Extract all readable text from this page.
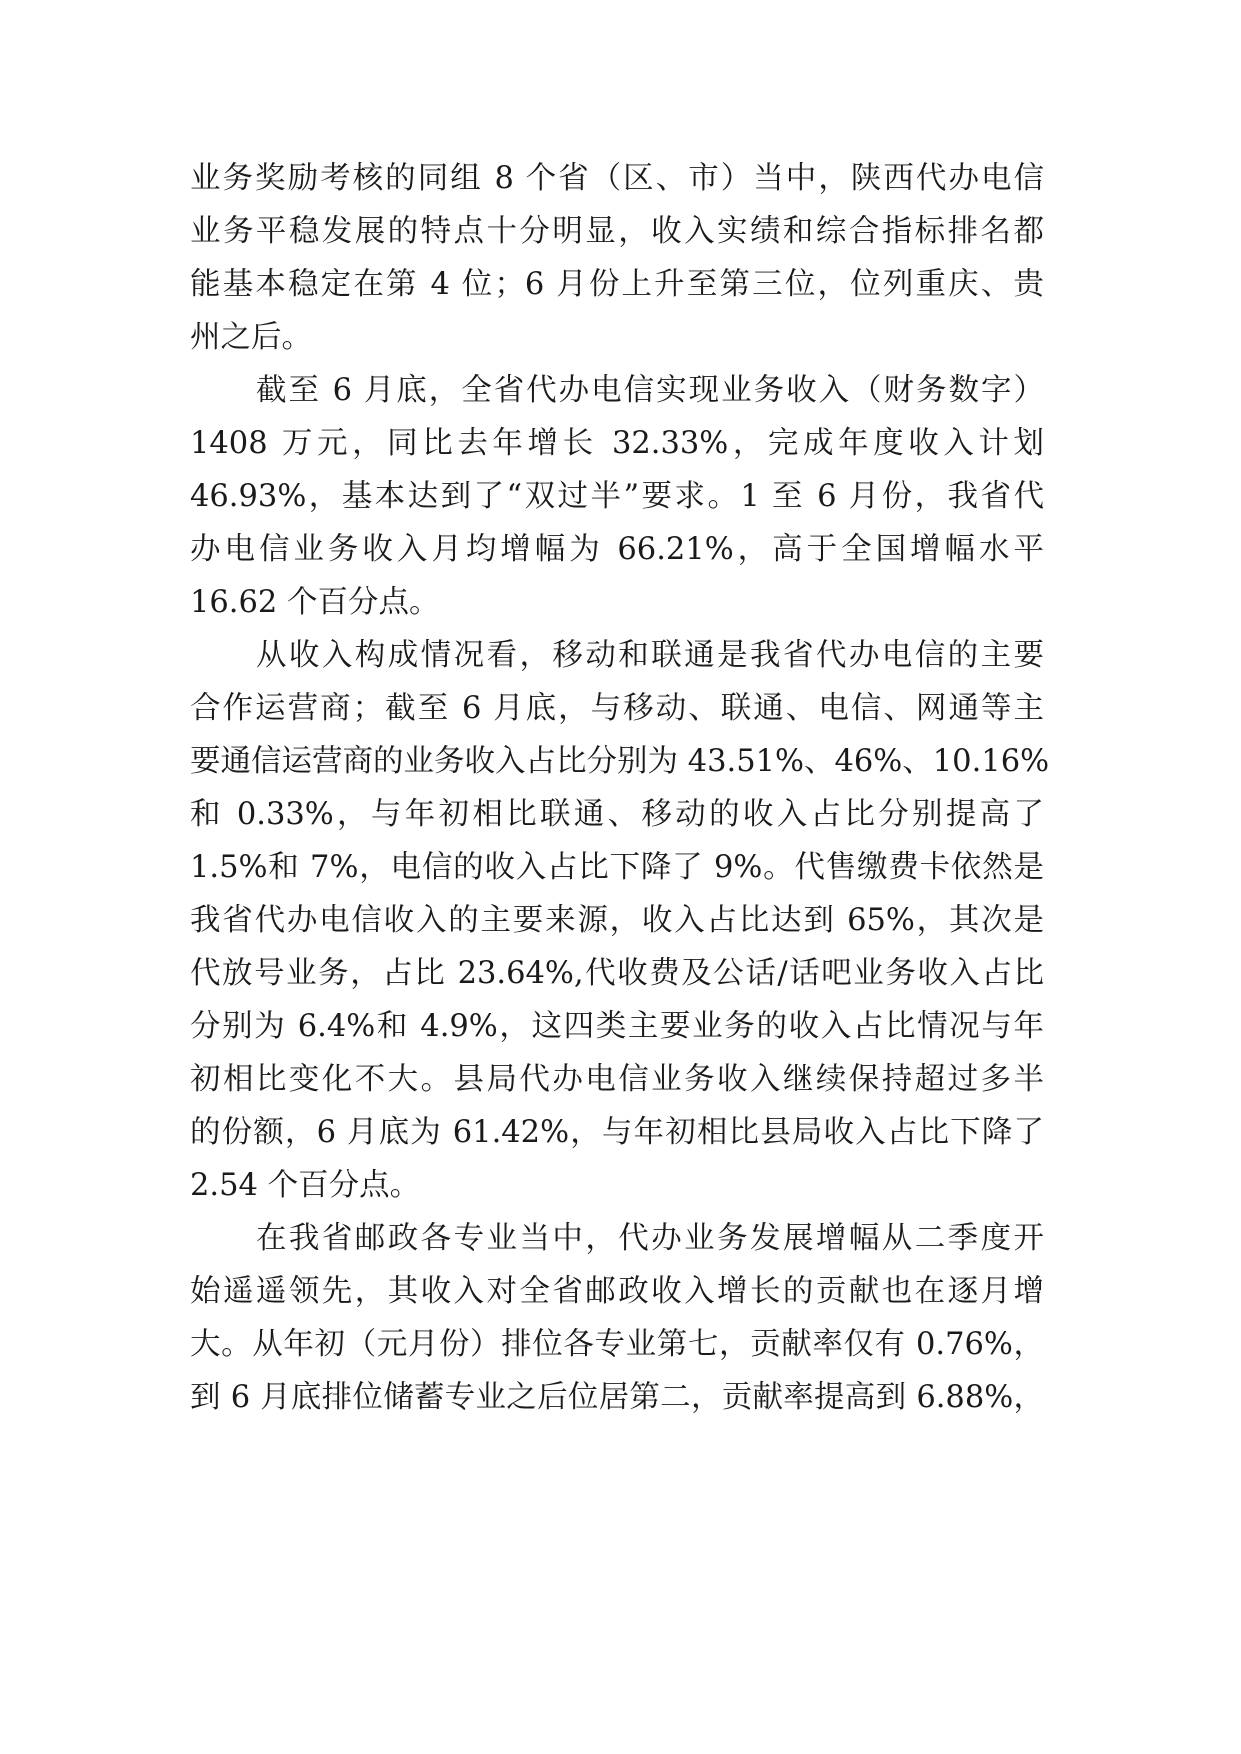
业务奖励考核的同组 8 个省（区、市）当中，陕西代办电信
业务平稳发展的特点十分明显，收入实绩和综合指标排名都
能基本稳定在第 4 位；6 月份上升至第三位，位列重庆、贵
州之后。
截至 6 月底，全省代办电信实现业务收入（财务数字）
1408 万元，同比去年增长 32.33%，完成年度收入计划
46.93%，基本达到了“双过半”要求。1 至 6 月份，我省代
办电信业务收入月均增幅为 66.21%，高于全国增幅水平
16.62 个百分点。
从收入构成情况看，移动和联通是我省代办电信的主要
合作运营商；截至 6 月底，与移动、联通、电信、网通等主
要通信运营商的业务收入占比分别为 43.51%、46%、10.16%
和 0.33%，与年初相比联通、移动的收入占比分别提高了
1.5%和 7%，电信的收入占比下降了 9%。代售缴费卡依然是
我省代办电信收入的主要来源，收入占比达到 65%，其次是
代放号业务，占比 23.64%,代收费及公话/话吧业务收入占比
分别为 6.4%和 4.9%，这四类主要业务的收入占比情况与年
初相比变化不大。县局代办电信业务收入继续保持超过多半
的份额，6 月底为 61.42%，与年初相比县局收入占比下降了
2.54 个百分点。
在我省邮政各专业当中，代办业务发展增幅从二季度开
始遥遥领先，其收入对全省邮政收入增长的贡献也在逐月增
大。从年初（元月份）排位各专业第七，贡献率仅有 0.76%，
到 6 月底排位储蓄专业之后位居第二，贡献率提高到 6.88%，
